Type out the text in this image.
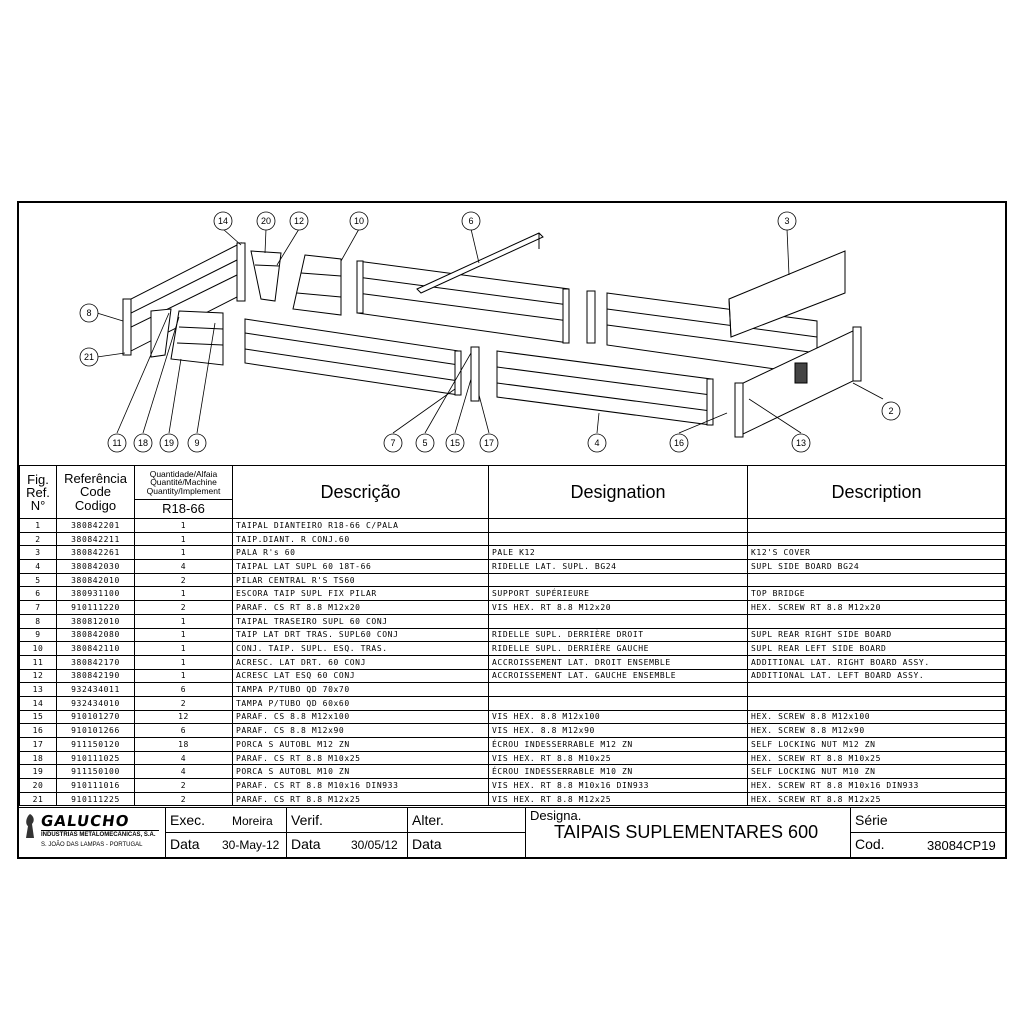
14	20	12	10	6	3
8
21
11 18 19 9	7	5 15	17	4	16	13
2
Fig.
Ref.
N°	Referência
Code
Codigo	Quantidade/Alfaia
Quantité/Machine
Quantity/Implement	Descrição	Designation	Description
		R18-66			
1	380842201	1	TAIPAL DIANTEIRO R18-66 C/PALA		
2	380842211	1	TAIP.DIANT. R CONJ.60		
3	380842261	1	PALA R's 60	PALE K12	K12'S COVER
4	380842030	4	TAIPAL LAT SUPL 60 18T-66	RIDELLE LAT. SUPL. BG24	SUPL SIDE BOARD BG24
5	380842010	2	PILAR CENTRAL R'S TS60		
6	380931100	1	ESCORA TAIP SUPL FIX PILAR	SUPPORT SUPÉRIEURE	TOP BRIDGE
7	910111220	2	PARAF. CS RT 8.8 M12x20	VIS HEX. RT 8.8 M12x20	HEX. SCREW RT 8.8 M12x20
8	380812010	1	TAIPAL TRASEIRO SUPL 60 CONJ		
9	380842080	1	TAIP LAT DRT TRAS. SUPL60 CONJ	RIDELLE SUPL. DERRIÈRE DROIT	SUPL REAR RIGHT SIDE BOARD
10	380842110	1	CONJ. TAIP. SUPL. ESQ. TRAS.	RIDELLE SUPL. DERRIÈRE GAUCHE	SUPL REAR LEFT SIDE BOARD
11	380842170	1	ACRESC. LAT DRT. 60 CONJ	ACCROISSEMENT LAT. DROIT ENSEMBLE	ADDITIONAL LAT. RIGHT BOARD ASSY.
12	380842190	1	ACRESC LAT ESQ 60 CONJ	ACCROISSEMENT LAT. GAUCHE ENSEMBLE	ADDITIONAL LAT. LEFT BOARD ASSY.
13	932434011	6	TAMPA P/TUBO QD 70x70		
14	932434010	2	TAMPA P/TUBO QD 60x60		
15	910101270	12	PARAF. CS 8.8 M12x100	VIS HEX. 8.8 M12x100	HEX. SCREW 8.8 M12x100
16	910101266	6	PARAF. CS 8.8 M12x90	VIS HEX. 8.8 M12x90	HEX. SCREW 8.8 M12x90
17	911150120	18	PORCA S AUTOBL M12 ZN	ÉCROU INDESSERRABLE M12 ZN	SELF LOCKING NUT M12 ZN
18	910111025	4	PARAF. CS RT 8.8 M10x25	VIS HEX. RT 8.8 M10x25	HEX. SCREW RT 8.8 M10x25
19	911150100	4	PORCA S AUTOBL M10 ZN	ÉCROU INDESSERRABLE M10 ZN	SELF LOCKING NUT M10 ZN
20	910111016	2	PARAF. CS RT 8.8 M10x16 DIN933	VIS HEX. RT 8.8 M10x16 DIN933	HEX. SCREW RT 8.8 M10x16 DIN933
21	910111225	2	PARAF. CS RT 8.8 M12x25	VIS HEX. RT 8.8 M12x25	HEX. SCREW RT 8.8 M12x25
GALUCHO
INDÚSTRIAS METALOMECÂNICAS, S.A.
S. JOÃO DAS LAMPAS - PORTUGAL
Exec. Moreira
Data 30-May-12
Verif.
Data	30/05/12
Alter.
Data
Designa.
TAIPAIS SUPLEMENTARES 600
Série
Cod.	38084CP19
